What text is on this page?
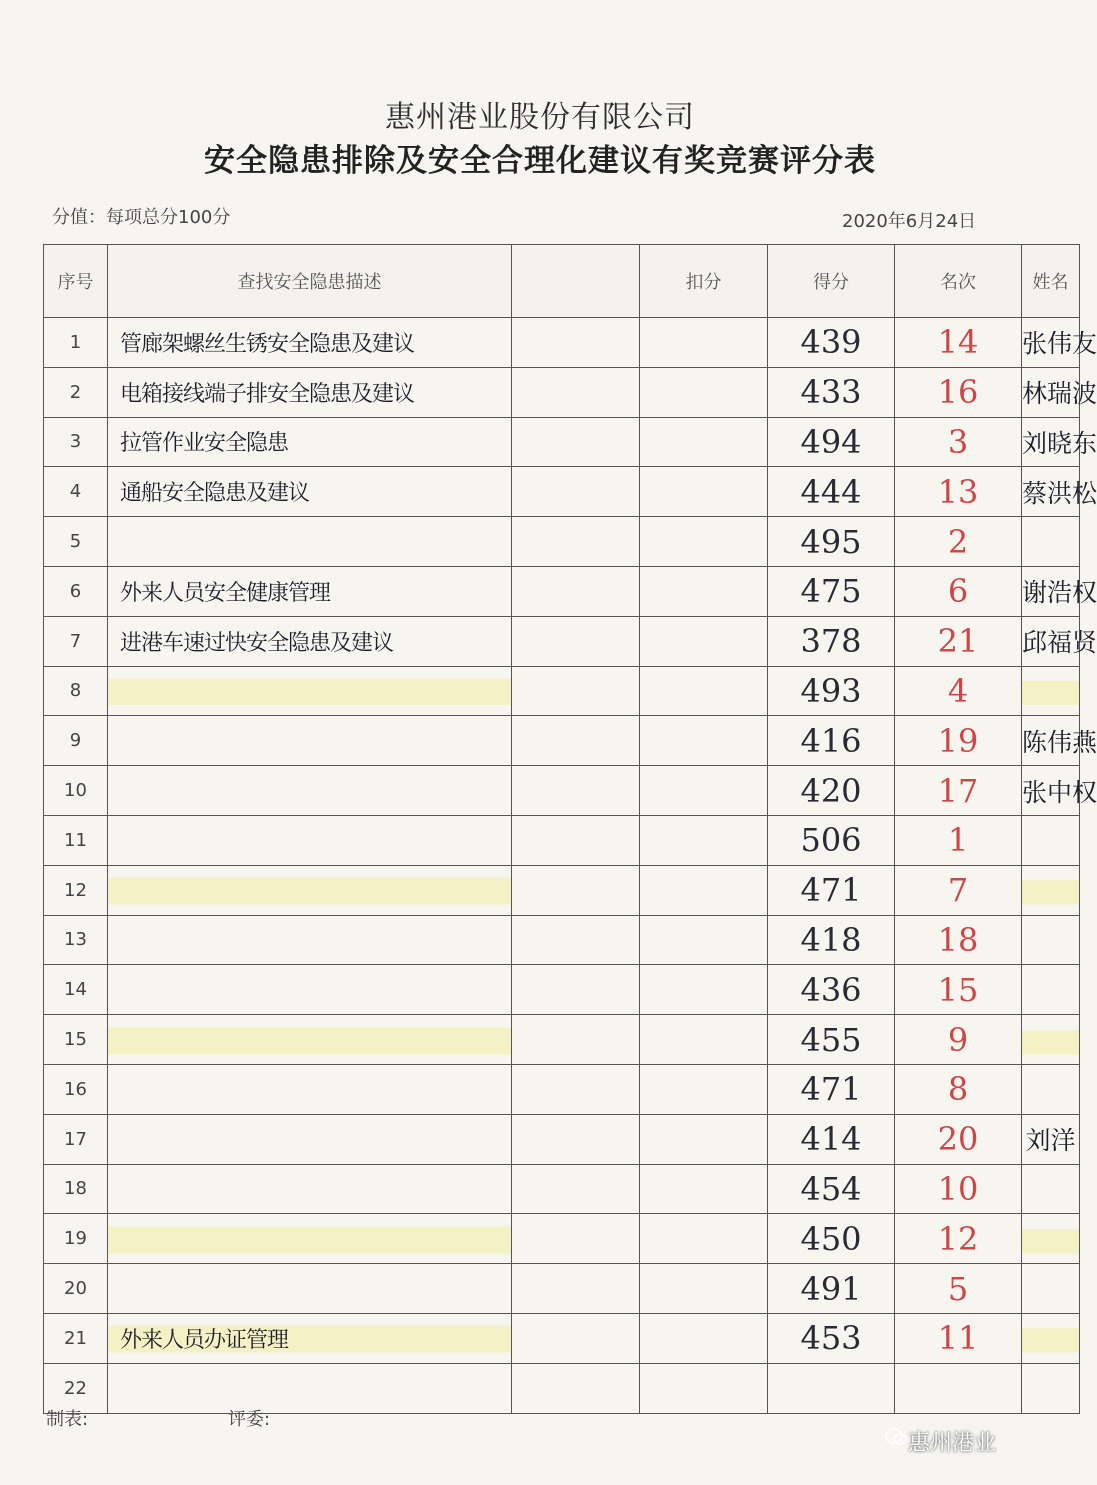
惠州港业股份有限公司
安全隐患排除及安全合理化建议有奖竞赛评分表
分值：每项总分100分	2020年6月24日
序号	查找安全隐患描述		扣分	得分	名次	姓名
1	管廊架螺丝生锈安全隐患及建议			439	14	张伟友

2	电箱接线端子排安全隐患及建议			433	16	林瑞波

3	拉管作业安全隐患			494	3	刘晓东

4	通船安全隐患及建议			444	13	蔡洪松

5				495	2	

6	外来人员安全健康管理			475	6	谢浩权

7	进港车速过快安全隐患及建议			378	21	邱福贤

8				493	4	

9				416	19	陈伟燕

10				420	17	张中权

11				506	1	

12				471	7	

13				418	18	

14				436	15	

15				455	9	

16				471	8	

17				414	20	刘洋

18				454	10	

19				450	12	

20				491	5	

21	外来人员办证管理			453	11	

22	

制表:	评委:
惠州港业
